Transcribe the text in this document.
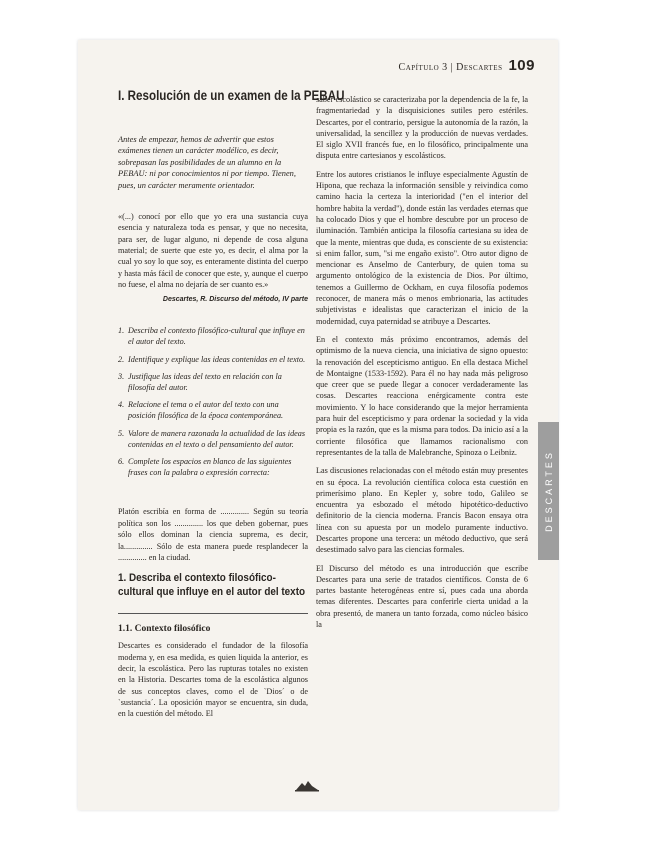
Capítulo 3 | Descartes 109
I. Resolución de un examen de la PEBAU

Antes de empezar, hemos de advertir que estos exámenes tienen un carácter modélico, es decir, sobrepasan las posibilidades de un alumno en la PEBAU: ni por conocimientos ni por tiempo. Tienen, pues, un carácter meramente orientador.

«(...) conocí por ello que yo era una sustancia cuya esencia y naturaleza toda es pensar, y que no necesita, para ser, de lugar alguno, ni depende de cosa alguna material; de suerte que este yo, es decir, el alma por la cual yo soy lo que soy, es enteramente distinta del cuerpo y hasta más fácil de conocer que este, y, aunque el cuerpo no fuese, el alma no dejaría de ser cuanto es.»

Descartes, R. Discurso del método, IV parte

1. Describa el contexto filosófico-cultural que influye en el autor del texto.
2. Identifique y explique las ideas contenidas en el texto.
3. Justifique las ideas del texto en relación con la filosofía del autor.
4. Relacione el tema o el autor del texto con una posición filosófica de la época contemporánea.
5. Valore de manera razonada la actualidad de las ideas contenidas en el texto o del pensamiento del autor.
6. Complete los espacios en blanco de las siguientes frases con la palabra o expresión correcta:

Platón escribía en forma de .............. Según su teoría política son los .............. los que deben gobernar, pues sólo ellos dominan la ciencia suprema, es decir, la.............. Sólo de esta manera puede resplandecer la .............. en la ciudad.

1. Describa el contexto filosófico-cultural que influye en el autor del texto
1.1. Contexto filosófico

Descartes es considerado el fundador de la filosofía moderna y, en esa medida, es quien liquida la anterior, es decir, la escolástica. Pero las rupturas totales no existen en la Historia. Descartes toma de la escolástica algunos de sus conceptos claves, como el de `Dios´ o de `sustancia´. La oposición mayor se encuentra, sin duda, en la cuestión del método. El

saber escolástico se caracterizaba por la dependencia de la fe, la fragmentariedad y la disquisiciones sutiles pero estériles. Descartes, por el contrario, persigue la autonomía de la razón, la universalidad, la sencillez y la producción de nuevas verdades. El siglo XVII francés fue, en lo filosófico, principalmente una disputa entre cartesianos y escolásticos.

Entre los autores cristianos le influye especialmente Agustín de Hipona, que rechaza la información sensible y reivindica como camino hacia la certeza la interioridad ("en el interior del hombre habita la verdad"), donde están las verdades eternas que ha colocado Dios y que el hombre descubre por un proceso de iluminación. También anticipa la filosofía cartesiana su idea de que la mente, mientras que duda, es consciente de su existencia: si enim fallor, sum, "si me engaño existo". Otro autor digno de mencionar es Anselmo de Canterbury, de quien toma su argumento ontológico de la existencia de Dios. Por último, tenemos a Guillermo de Ockham, en cuya filosofía podemos reconocer, de manera más o menos embrionaria, las actitudes subjetivistas e idealistas que caracterizan el inicio de la modernidad, cuya paternidad se atribuye a Descartes.

En el contexto más próximo encontramos, además del optimismo de la nueva ciencia, una iniciativa de signo opuesto: la renovación del escepticismo antiguo. En ella destaca Michel de Montaigne (1533-1592). Para él no hay nada más peligroso que creer que se puede llegar a conocer verdaderamente las cosas. Descartes reacciona enérgicamente contra este movimiento. Y lo hace considerando que la mejor herramienta para huir del escepticismo y para ordenar la sociedad y la vida propia es la razón, que es la misma para todos. Da inicio así a la corriente filosófica que llamamos racionalismo con representantes de la talla de Malebranche, Spinoza o Leibniz.

Las discusiones relacionadas con el método están muy presentes en su época. La revolución científica coloca esta cuestión en primerísimo plano. En Kepler y, sobre todo, Galileo se encuentra ya esbozado el método hipotético-deductivo definitorio de la ciencia moderna. Francis Bacon ensaya otra línea con su apuesta por un modelo puramente inductivo. Descartes propone una tercera: un método deductivo, que será desestimado salvo para las ciencias formales.

El Discurso del método es una introducción que escribe Descartes para una serie de tratados científicos. Consta de 6 partes bastante heterogéneas entre sí, pues cada una aborda temas diferentes. Descartes para conferirle cierta unidad a la obra presentó, de manera un tanto forzada, como núcleo básico la

DESCARTES
